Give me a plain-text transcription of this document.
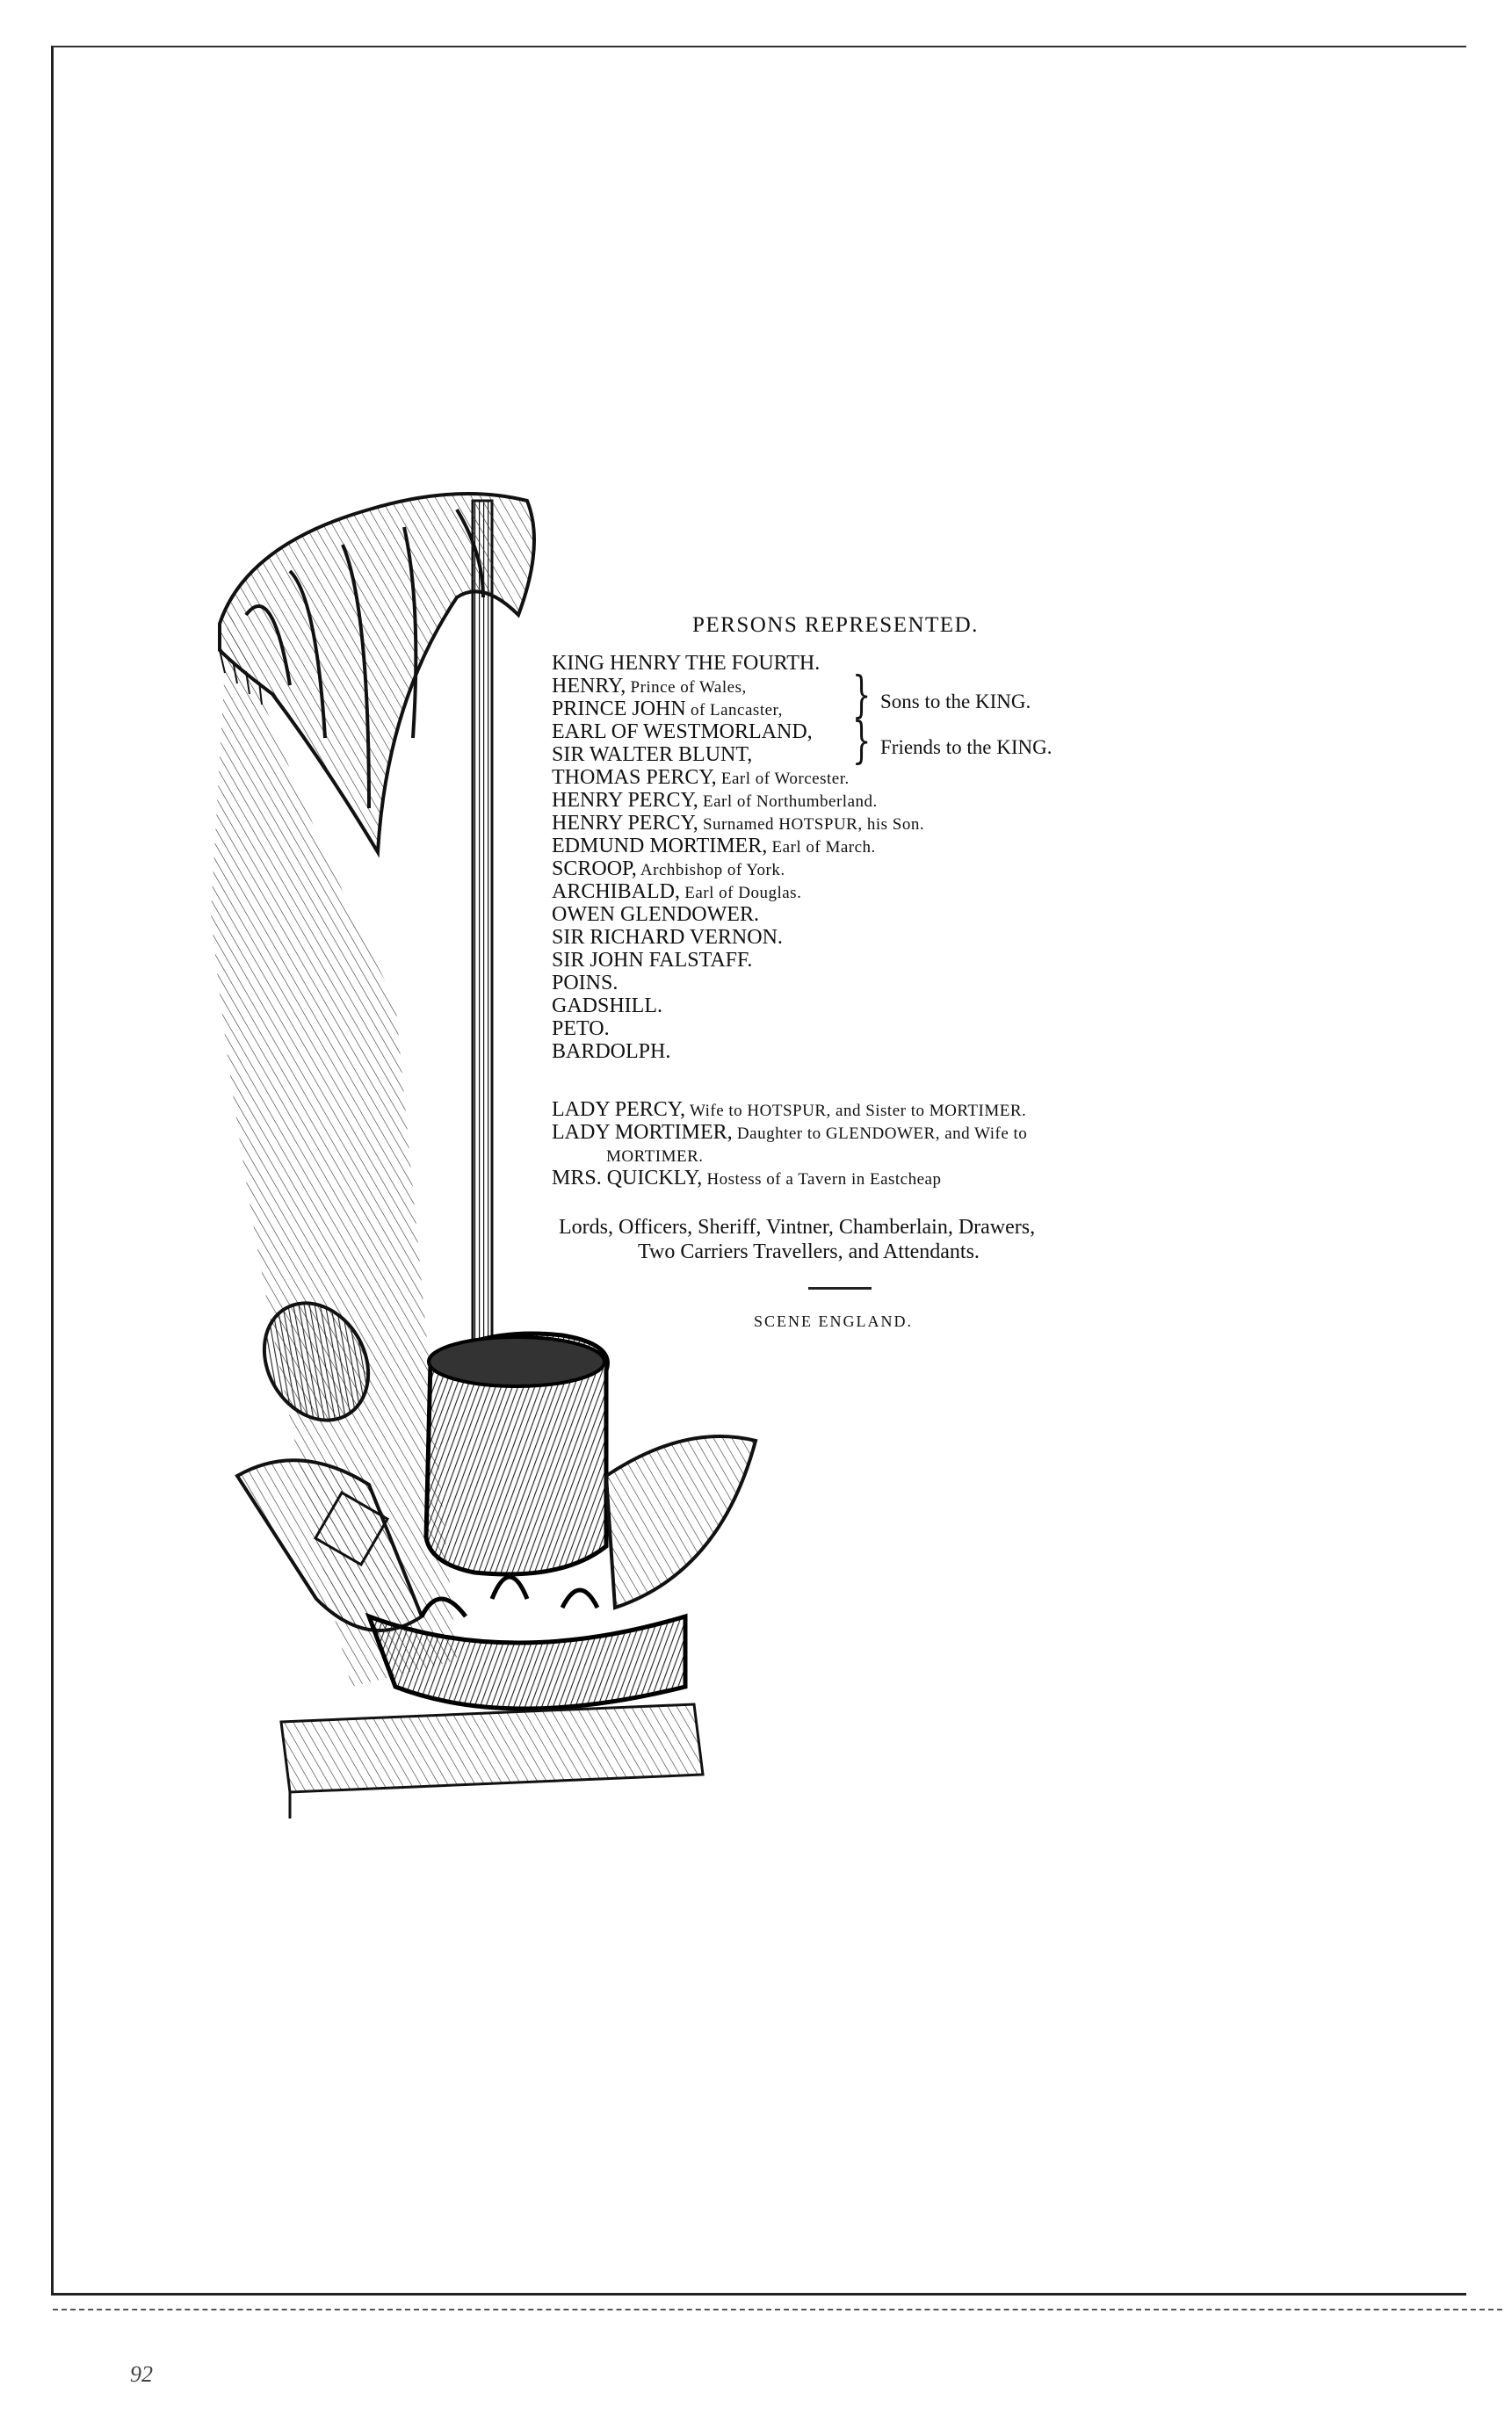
PERSONS REPRESENTED.
KING HENRY THE FOURTH.
HENRY, Prince of Wales,
PRINCE JOHN of Lancaster,
EARL OF WESTMORLAND,
SIR WALTER BLUNT,
THOMAS PERCY, Earl of Worcester.
HENRY PERCY, Earl of Northumberland.
HENRY PERCY, Surnamed HOTSPUR, his Son.
EDMUND MORTIMER, Earl of March.
SCROOP, Archbishop of York.
ARCHIBALD, Earl of Douglas.
OWEN GLENDOWER.
SIR RICHARD VERNON.
SIR JOHN FALSTAFF.
POINS.
GADSHILL.
PETO.
BARDOLPH.
} Sons to the KING.
} Friends to the KING.
LADY PERCY, Wife to HOTSPUR, and Sister to MORTIMER.
LADY MORTIMER, Daughter to GLENDOWER, and Wife to
MORTIMER.
MRS. QUICKLY, Hostess of a Tavern in Eastcheap
Lords, Officers, Sheriff, Vintner, Chamberlain, Drawers,
Two Carriers Travellers, and Attendants.
SCENE ENGLAND.
92
